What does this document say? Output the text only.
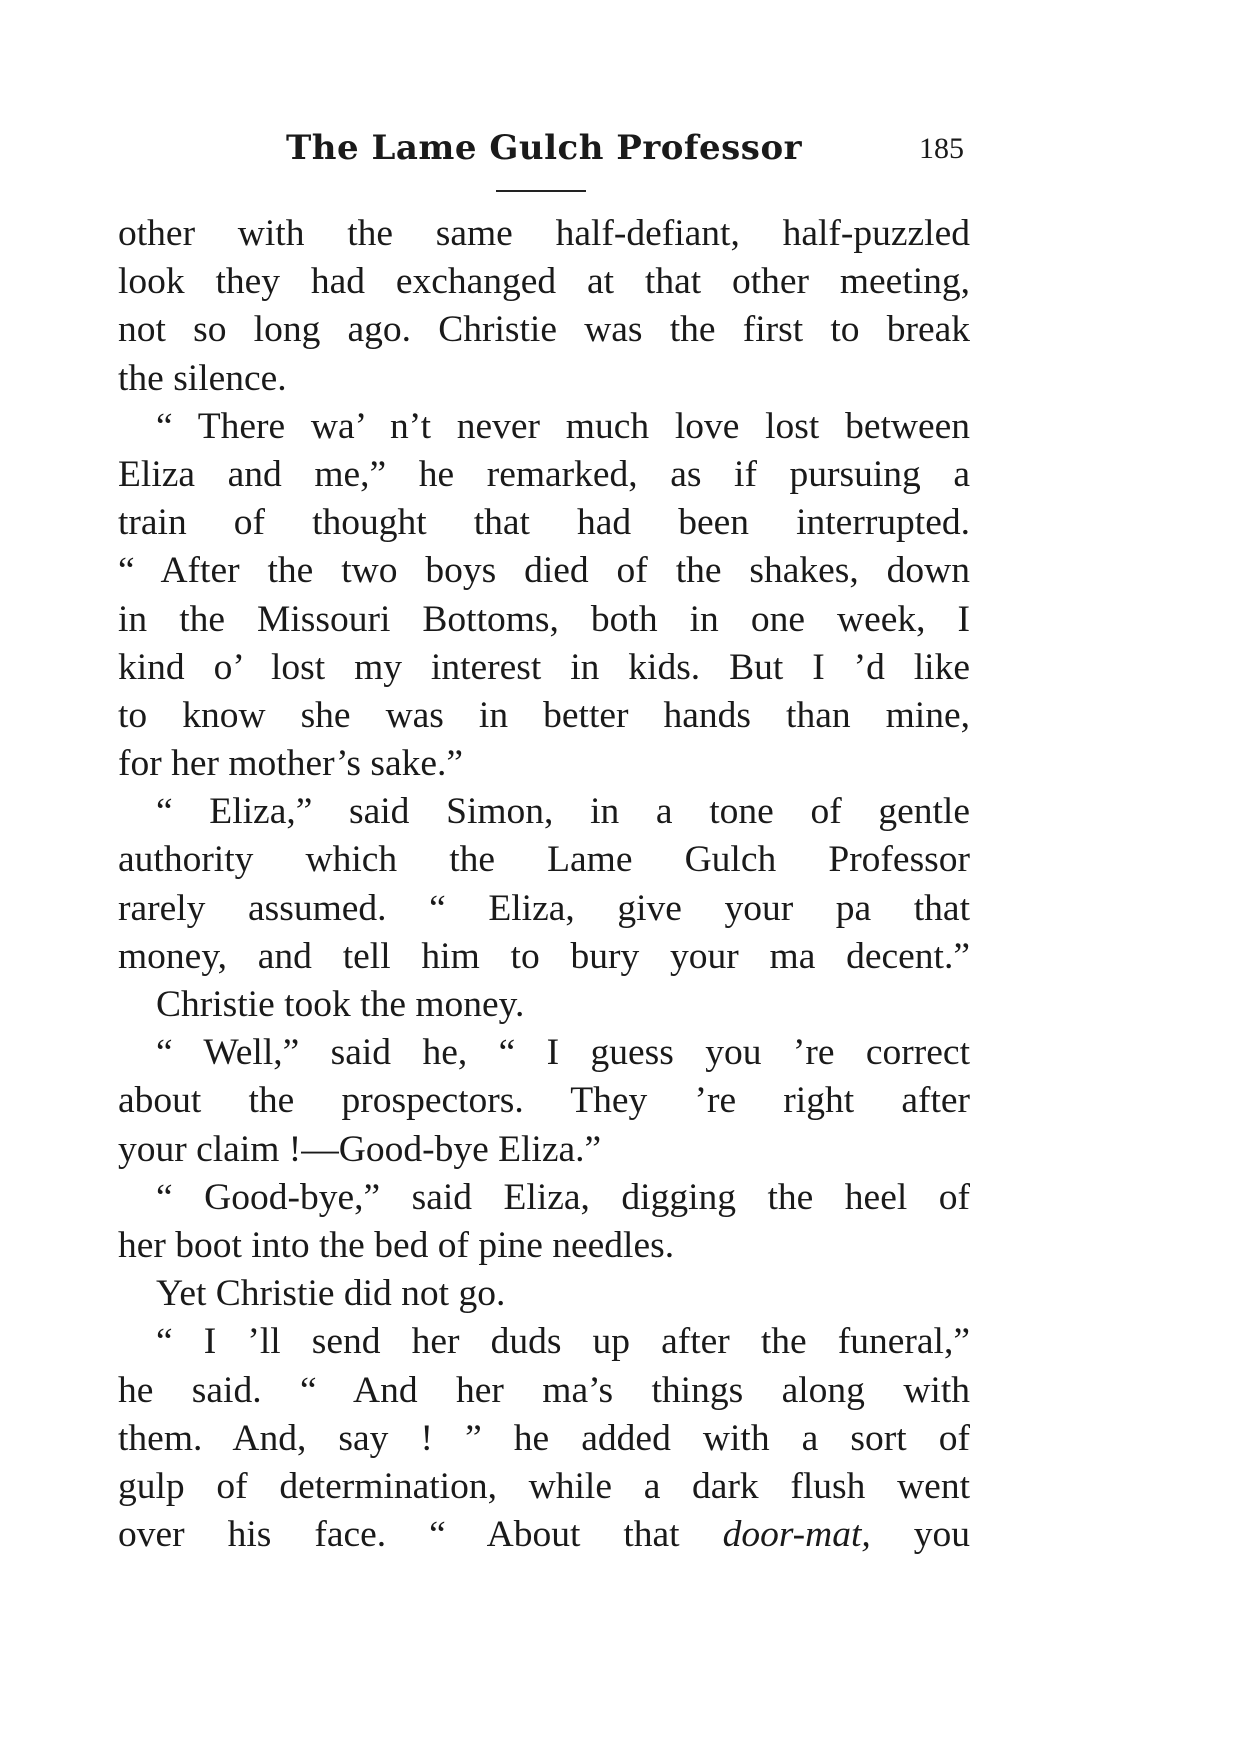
The Lame Gulch Professor	185
other with the same half-defiant, half-puzzled
look they had exchanged at that other meeting,
not so long ago. Christie was the first to break
the silence.
“ There wa’ n’t never much love lost between
Eliza and me,” he remarked, as if pursuing a
train of thought that had been interrupted.
“ After the two boys died of the shakes, down
in the Missouri Bottoms, both in one week, I
kind o’ lost my interest in kids. But I ’d like
to know she was in better hands than mine,
for her mother’s sake.”
“ Eliza,” said Simon, in a tone of gentle
authority which the Lame Gulch Professor
rarely assumed. “ Eliza, give your pa that
money, and tell him to bury your ma decent.”
Christie took the money.
“ Well,” said he, “ I guess you ’re correct
about the prospectors. They ’re right after
your claim !—Good-bye Eliza.”
“ Good-bye,” said Eliza, digging the heel of
her boot into the bed of pine needles.
Yet Christie did not go.
“ I ’ll send her duds up after the funeral,”
he said. “ And her ma’s things along with
them. And, say ! ” he added with a sort of
gulp of determination, while a dark flush went
over his face. “ About that door-mat, you
